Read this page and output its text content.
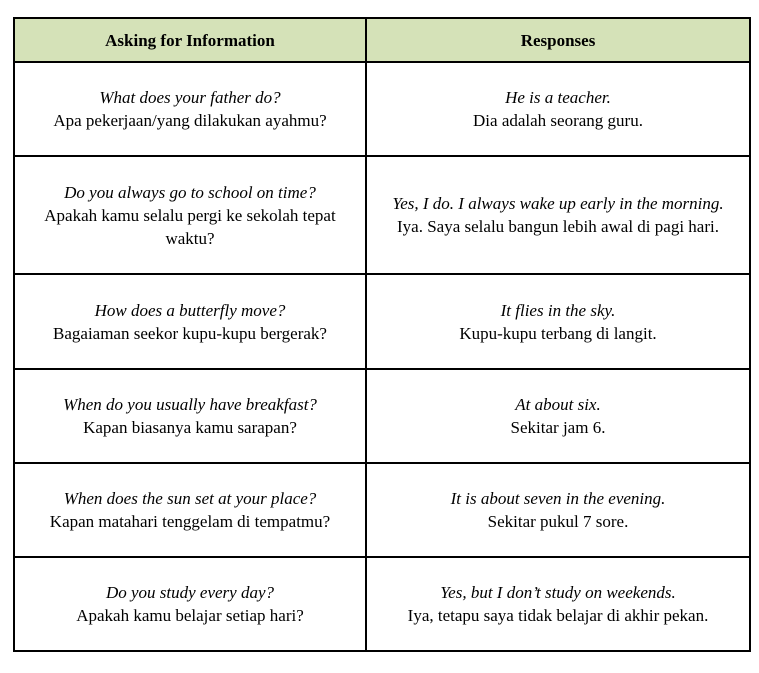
Asking for Information	Responses

What does your father do?
Apa pekerjaan/yang dilakukan ayahmu?	He is a teacher.
Dia adalah seorang guru.

Do you always go to school on time?
Apakah kamu selalu pergi ke sekolah tepat waktu?	Yes, I do. I always wake up early in the morning.
Iya. Saya selalu bangun lebih awal di pagi hari.

How does a butterfly move?
Bagaiaman seekor kupu-kupu bergerak?	It flies in the sky.
Kupu-kupu terbang di langit.

When do you usually have breakfast?
Kapan biasanya kamu sarapan?	At about six.
Sekitar jam 6.

When does the sun set at your place?
Kapan matahari tenggelam di tempatmu?	It is about seven in the evening.
Sekitar pukul 7 sore.

Do you study every day?
Apakah kamu belajar setiap hari?	Yes, but I don’t study on weekends.
Iya, tetapu saya tidak belajar di akhir pekan.
